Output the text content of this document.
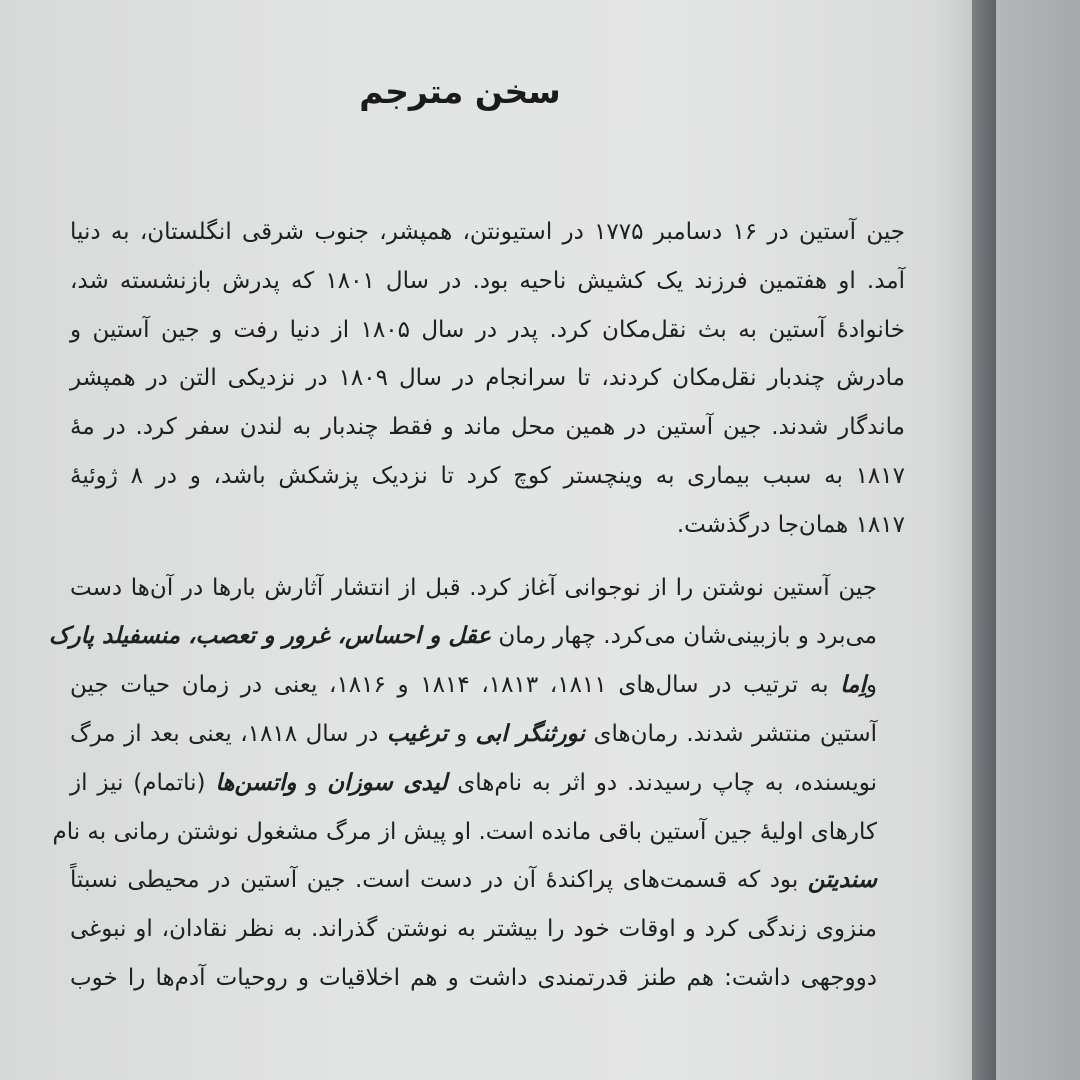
سخن مترجم

جین آستین در ۱۶ دسامبر ۱۷۷۵ در استیونتن، همپشر، جنوب شرقی انگلستان، به دنیا
آمد. او هفتمین فرزند یک کشیش ناحیه بود. در سال ۱۸۰۱ که پدرش بازنشسته شد،
خانوادهٔ آستین به بث نقل‌مکان کرد. پدر در سال ۱۸۰۵ از دنیا رفت و جین آستین و
مادرش چندبار نقل‌مکان کردند، تا سرانجام در سال ۱۸۰۹ در نزدیکی التن در همپشر
ماندگار شدند. جین آستین در همین محل ماند و فقط چندبار به لندن سفر کرد. در مهٔ
۱۸۱۷ به سبب بیماری به وینچستر کوچ کرد تا نزدیک پزشکش باشد، و در ۸ ژوئیهٔ
۱۸۱۷ همان‌جا درگذشت.

جین آستین نوشتن را از نوجوانی آغاز کرد. قبل از انتشار آثارش بارها در آن‌ها دست
می‌برد و بازبینی‌شان می‌کرد. چهار رمان عقل و احساس، غرور و تعصب، منسفیلد پارک
واِما به ترتیب در سال‌های ۱۸۱۱، ۱۸۱۳، ۱۸۱۴ و ۱۸۱۶، یعنی در زمان حیات جین
آستین منتشر شدند. رمان‌های نورثنگر ابی و ترغیب در سال ۱۸۱۸، یعنی بعد از مرگ
نویسنده، به چاپ رسیدند. دو اثر به نام‌های لیدی سوزان و واتسن‌ها (ناتمام) نیز از
کارهای اولیهٔ جین آستین باقی مانده است. او پیش از مرگ مشغول نوشتن رمانی به نام
سندیتن بود که قسمت‌های پراکندهٔ آن در دست است. جین آستین در محیطی نسبتاً
منزوی زندگی کرد و اوقات خود را بیشتر به نوشتن گذراند. به نظر نقادان، او نبوغی
دووجهی داشت: هم طنز قدرتمندی داشت و هم اخلاقیات و روحیات آدم‌ها را خوب
